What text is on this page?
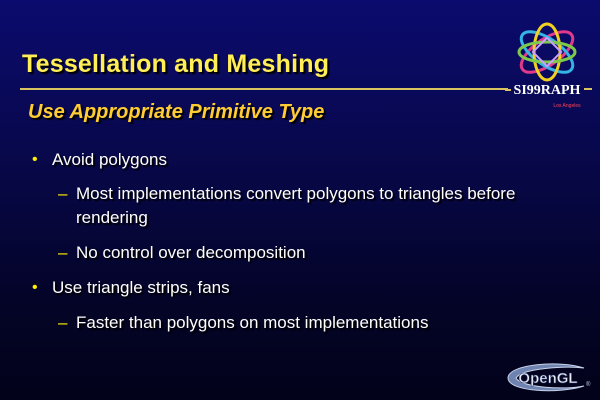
Tessellation and Meshing
Use Appropriate Primitive Type
• Avoid polygons
– Most implementations convert polygons to triangles before
rendering
– No control over decomposition
• Use triangle strips, fans
– Faster than polygons on most implementations
SI99RAPH
Los Angeles
OpenGL ®
